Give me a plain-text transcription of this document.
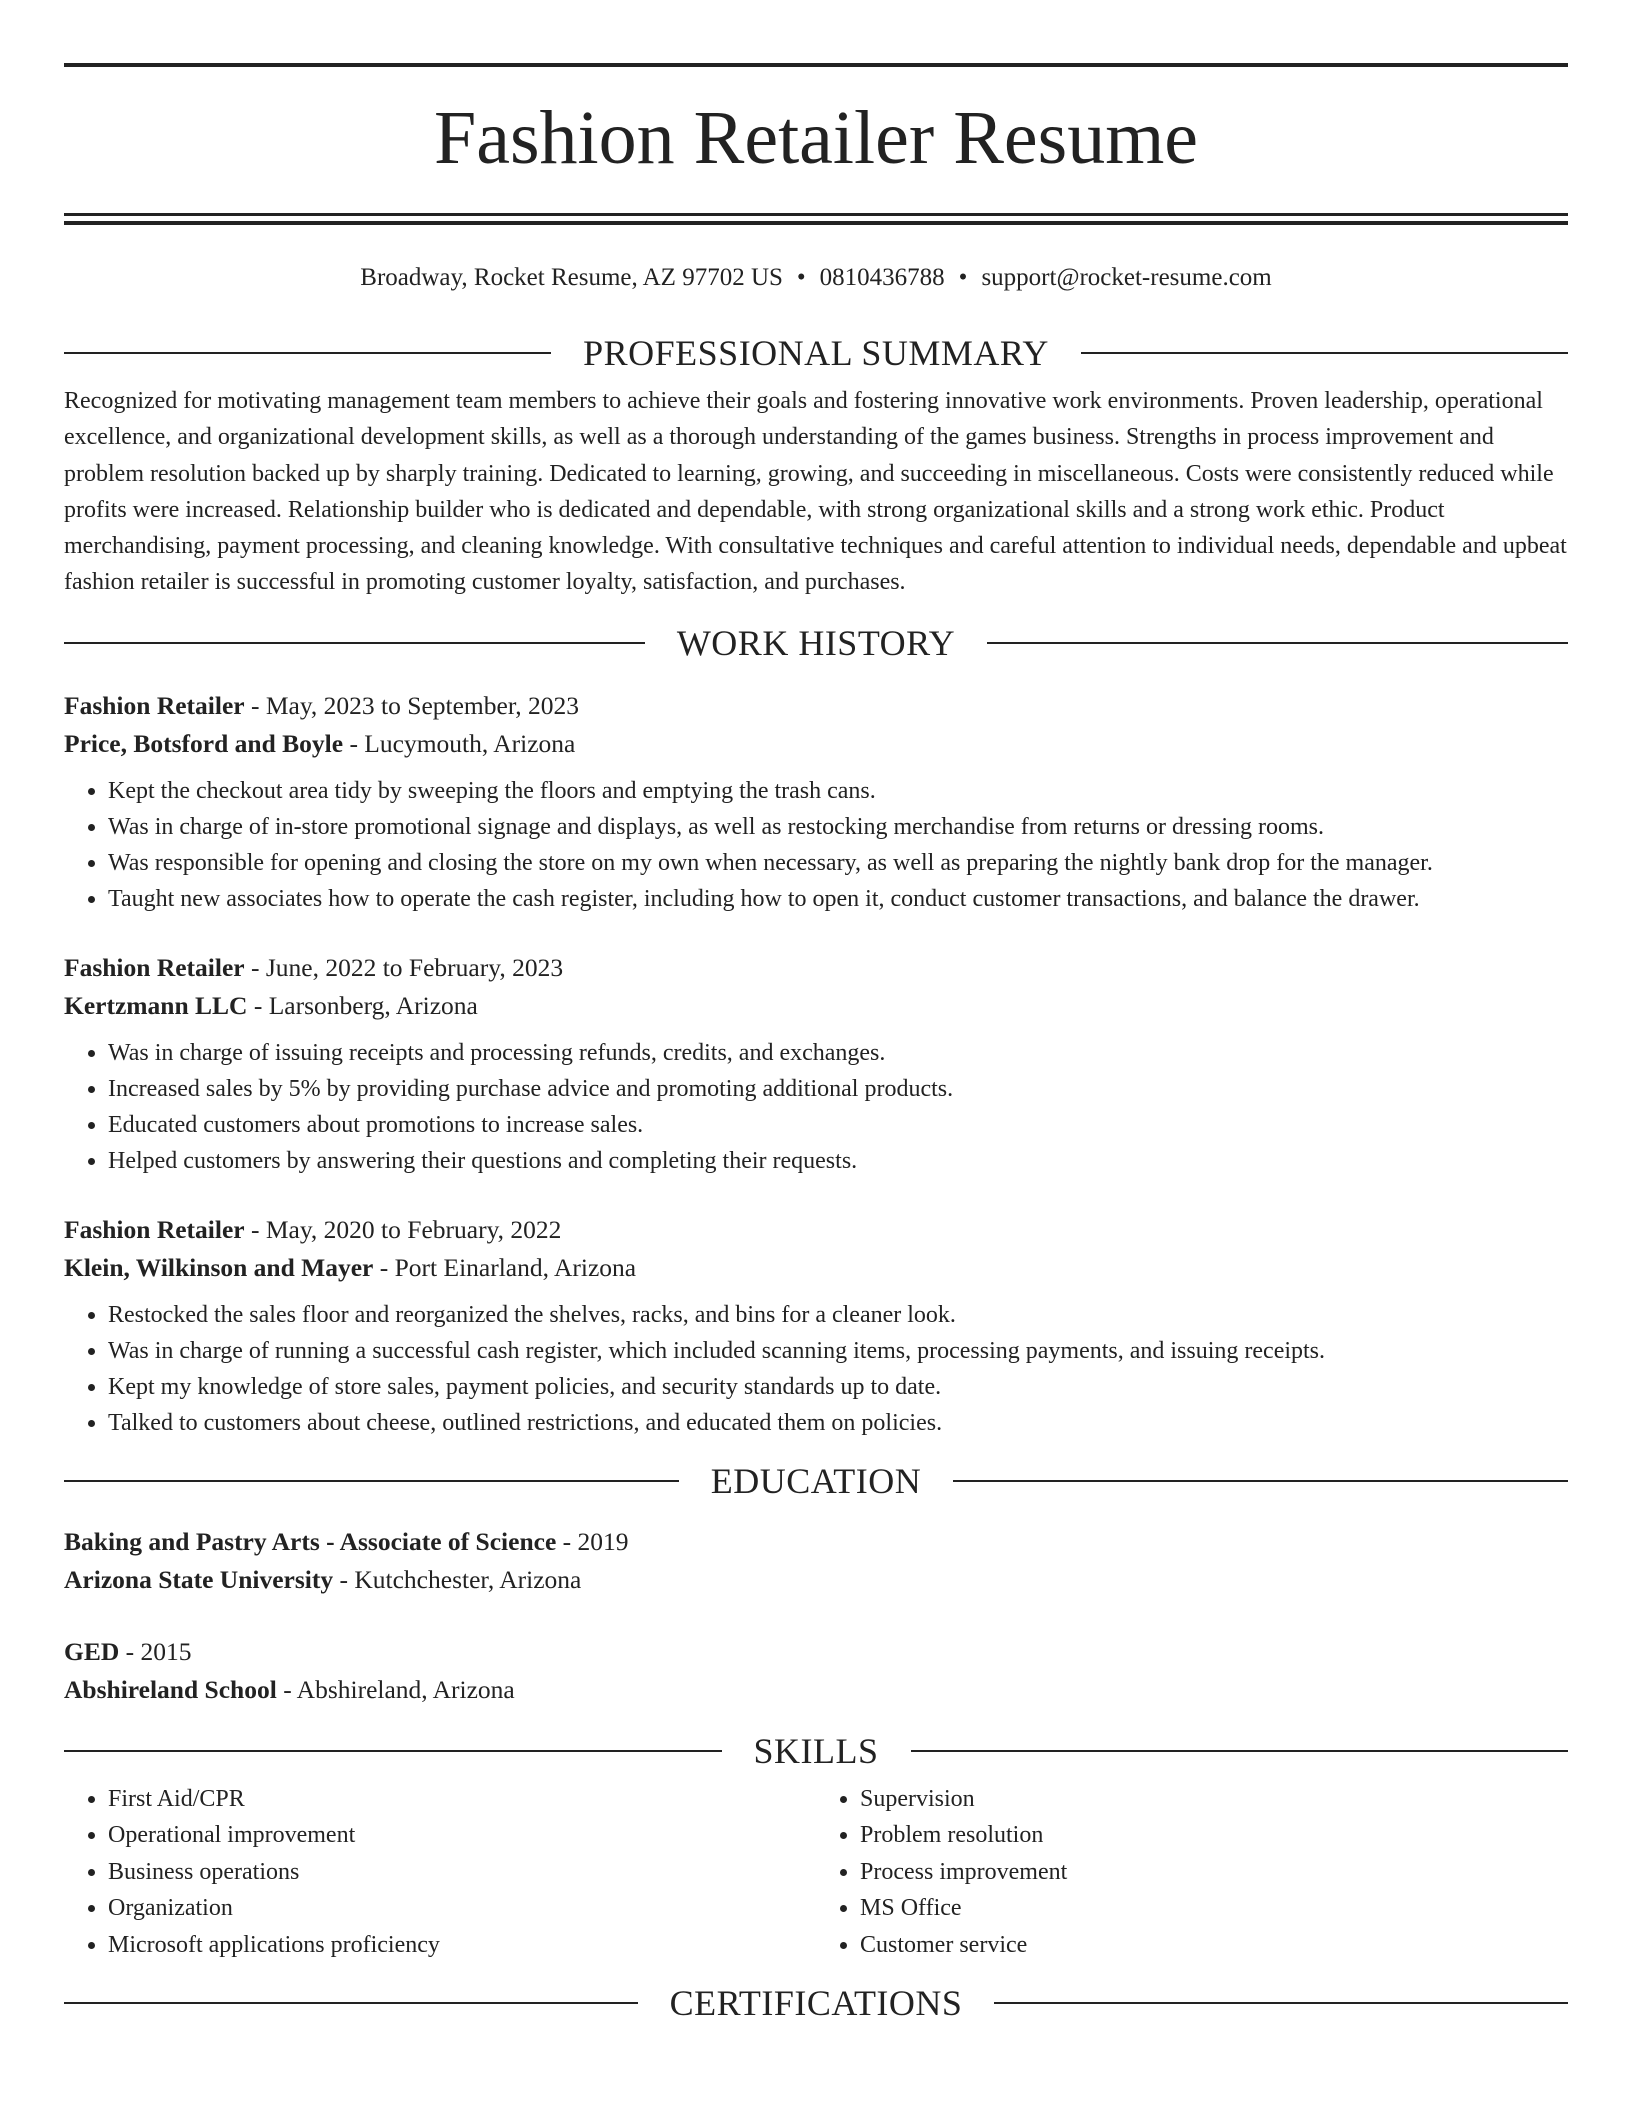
Fashion Retailer Resume
Broadway, Rocket Resume, AZ 97702 US • 0810436788 • support@rocket-resume.com
PROFESSIONAL SUMMARY
Recognized for motivating management team members to achieve their goals and fostering innovative work environments. Proven leadership, operational excellence, and organizational development skills, as well as a thorough understanding of the games business. Strengths in process improvement and problem resolution backed up by sharply training. Dedicated to learning, growing, and succeeding in miscellaneous. Costs were consistently reduced while profits were increased. Relationship builder who is dedicated and dependable, with strong organizational skills and a strong work ethic. Product merchandising, payment processing, and cleaning knowledge. With consultative techniques and careful attention to individual needs, dependable and upbeat fashion retailer is successful in promoting customer loyalty, satisfaction, and purchases.
WORK HISTORY
Fashion Retailer - May, 2023 to September, 2023
Price, Botsford and Boyle - Lucymouth, Arizona
• Kept the checkout area tidy by sweeping the floors and emptying the trash cans.
• Was in charge of in-store promotional signage and displays, as well as restocking merchandise from returns or dressing rooms.
• Was responsible for opening and closing the store on my own when necessary, as well as preparing the nightly bank drop for the manager.
• Taught new associates how to operate the cash register, including how to open it, conduct customer transactions, and balance the drawer.
Fashion Retailer - June, 2022 to February, 2023
Kertzmann LLC - Larsonberg, Arizona
• Was in charge of issuing receipts and processing refunds, credits, and exchanges.
• Increased sales by 5% by providing purchase advice and promoting additional products.
• Educated customers about promotions to increase sales.
• Helped customers by answering their questions and completing their requests.
Fashion Retailer - May, 2020 to February, 2022
Klein, Wilkinson and Mayer - Port Einarland, Arizona
• Restocked the sales floor and reorganized the shelves, racks, and bins for a cleaner look.
• Was in charge of running a successful cash register, which included scanning items, processing payments, and issuing receipts.
• Kept my knowledge of store sales, payment policies, and security standards up to date.
• Talked to customers about cheese, outlined restrictions, and educated them on policies.
EDUCATION
Baking and Pastry Arts - Associate of Science - 2019
Arizona State University - Kutchchester, Arizona
GED - 2015
Abshireland School - Abshireland, Arizona
SKILLS
• First Aid/CPR
• Operational improvement
• Business operations
• Organization
• Microsoft applications proficiency
• Supervision
• Problem resolution
• Process improvement
• MS Office
• Customer service
CERTIFICATIONS
